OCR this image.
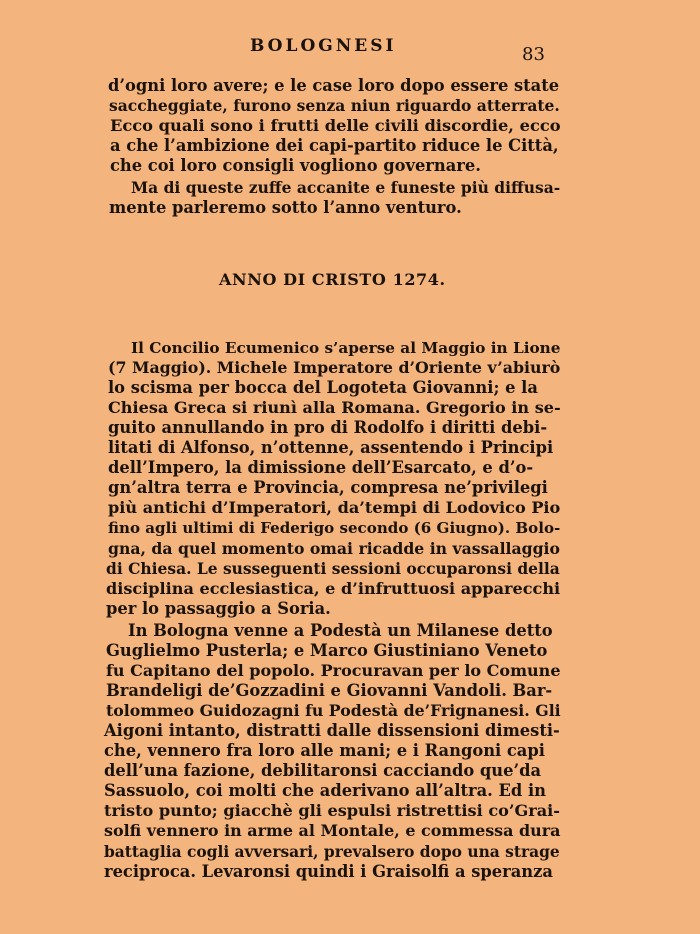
BOLOGNESI	83
d’ogni loro avere; e le case loro dopo essere state
saccheggiate, furono senza niun riguardo atterrate.
Ecco quali sono i frutti delle civili discordie, ecco
a che l’ambizione dei capi-partito riduce le Città,
che coi loro consigli vogliono governare.
Ma di queste zuffe accanite e funeste più diffusa-
mente parleremo sotto l’anno venturo.
ANNO DI CRISTO 1274.
Il Concilio Ecumenico s’aperse al Maggio in Lione
(7 Maggio). Michele Imperatore d’Oriente v’abiurò
lo scisma per bocca del Logoteta Giovanni; e la
Chiesa Greca si riunì alla Romana. Gregorio in se-
guito annullando in pro di Rodolfo i diritti debi-
litati di Alfonso, n’ottenne, assentendo i Principi
dell’Impero, la dimissione dell’Esarcato, e d’o-
gn’altra terra e Provincia, compresa ne’privilegi
più antichi d’Imperatori, da’tempi di Lodovico Pio
fino agli ultimi di Federigo secondo (6 Giugno). Bolo-
gna, da quel momento omai ricadde in vassallaggio
di Chiesa. Le susseguenti sessioni occuparonsi della
disciplina ecclesiastica, e d’infruttuosi apparecchi
per lo passaggio a Soria.
In Bologna venne a Podestà un Milanese detto
Guglielmo Pusterla; e Marco Giustiniano Veneto
fu Capitano del popolo. Procuravan per lo Comune
Brandeligi de’Gozzadini e Giovanni Vandoli. Bar-
tolommeo Guidozagni fu Podestà de’Frignanesi. Gli
Aigoni intanto, distratti dalle dissensioni dimesti-
che, vennero fra loro alle mani; e i Rangoni capi
dell’una fazione, debilitaronsi cacciando que’da
Sassuolo, coi molti che aderivano all’altra. Ed in
tristo punto; giacchè gli espulsi ristrettisi co’Grai-
solfi vennero in arme al Montale, e commessa dura
battaglia cogli avversari, prevalsero dopo una strage
reciproca. Levaronsi quindi i Graisolfi a speranza
